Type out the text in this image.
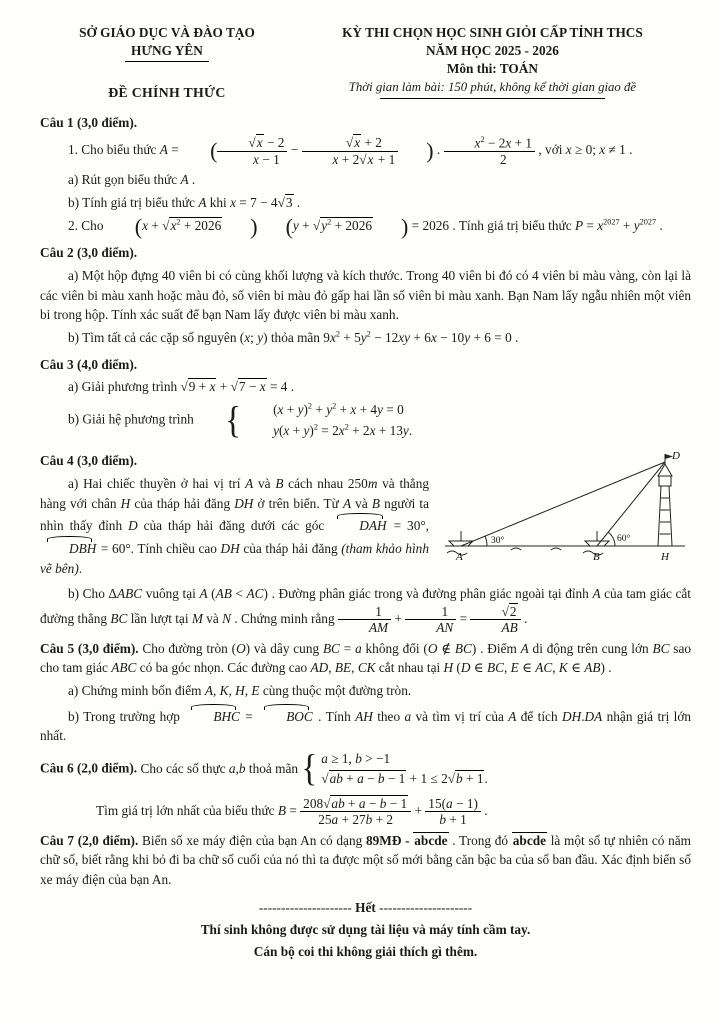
SỞ GIÁO DỤC VÀ ĐÀO TẠO
HƯNG YÊN
ĐỀ CHÍNH THỨC
KỲ THI CHỌN HỌC SINH GIỎI CẤP TỈNH THCS
NĂM HỌC 2025 - 2026
Môn thi: TOÁN
Thời gian làm bài: 150 phút, không kể thời gian giao đề

Câu 1 (3,0 điểm).

1. Cho biểu thức A = ( $\frac{√x - 2}{x - 1} - \frac{√x + 2}{x + 2√x + 1}$ ) . $\frac{x^2 - 2x + 1}{2}$ , với x ≥ 0; x ≠ 1 .

a) Rút gọn biểu thức A .

b) Tính giá trị biểu thức A khi x = 7 − 4√3 .

2. Cho ($x + √x^2 + 2026$ ) ($y + √y^2 + 2026$ ) = 2026 . Tính giá trị biểu thức $P = x^{2027} + y^{2027}$ .

Câu 2 (3,0 điểm).

a) Một hộp đựng 40 viên bi có cùng khối lượng và kích thước. Trong 40 viên bi đó có 4 viên bi màu vàng, còn lại là các viên bi màu xanh hoặc màu đỏ, số viên bi màu đỏ gấp hai lần số viên bi màu xanh. Bạn Nam lấy ngẫu nhiên một viên bi trong hộp. Tính xác suất để bạn Nam lấy được viên bi màu xanh.

b) Tìm tất cả các cặp số nguyên (x; y) thỏa mãn $9x^2 + 5y^2 - 12xy + 6x - 10y + 6 = 0$ .

Câu 3 (4,0 điểm).

a) Giải phương trình √9 + x + √7 − x = 4 .

b) Giải hệ phương trình {	$(x + y)^2 + y^2 + x + 4y = 0$
$y(x + y)^2 = 2x^2 + 2x + 13y$.

30°	60°
A	B	H
D

Câu 4 (3,0 điểm).

a) Hai chiếc thuyền ở hai vị trí A và B cách nhau 250m và thẳng hàng với chân H của tháp hải đăng DH ở trên biển. Từ A và B người ta nhìn thấy đỉnh D của tháp hải đăng dưới các góc DAH = 30°, DBH = 60°. Tính chiều cao DH của tháp hải đăng (tham khảo hình vẽ bên).

b) Cho ΔABC vuông tại A (AB < AC) . Đường phân giác trong và đường phân giác ngoài tại đỉnh A của tam giác cắt đường thẳng BC lần lượt tại M và N . Chứng minh rằng $\frac{1}{AM} + \frac{1}{AN} = \frac{√2}{AB}$ .

Câu 5 (3,0 điểm). Cho đường tròn (O) và dây cung BC = a không đổi (O ∉ BC) . Điểm A di động trên cung lớn BC sao cho tam giác ABC có ba góc nhọn. Các đường cao AD, BE, CK cắt nhau tại H (D ∈ BC, E ∈ AC, K ∈ AB) .

a) Chứng minh bốn điểm A, K, H, E cùng thuộc một đường tròn.

b) Trong trường hợp BHC = BOC . Tính AH theo a và tìm vị trí của A để tích DH.DA nhận giá trị lớn nhất.

Câu 6 (2,0 điểm). Cho các số thực a,b thoả mãn { a ≥ 1, b > −1
√ab + a − b − 1 + 1 ≤ 2√b + 1.

Tìm giá trị lớn nhất của biểu thức $B = \frac{208√ab + a - b - 1}{25a + 27b + 2} + \frac{15(a - 1)}{b + 1}$ .

Câu 7 (2,0 điểm). Biển số xe máy điện của bạn An có dạng 89MĐ - abcde . Trong đó abcde là một số tự nhiên có năm chữ số, biết rằng khi bỏ đi ba chữ số cuối của nó thì ta được một số mới bằng căn bậc ba của số ban đầu. Xác định biển số xe máy điện của bạn An.

--------------------- Hết ---------------------

Thí sinh không được sử dụng tài liệu và máy tính cầm tay.

Cán bộ coi thi không giải thích gì thêm.
